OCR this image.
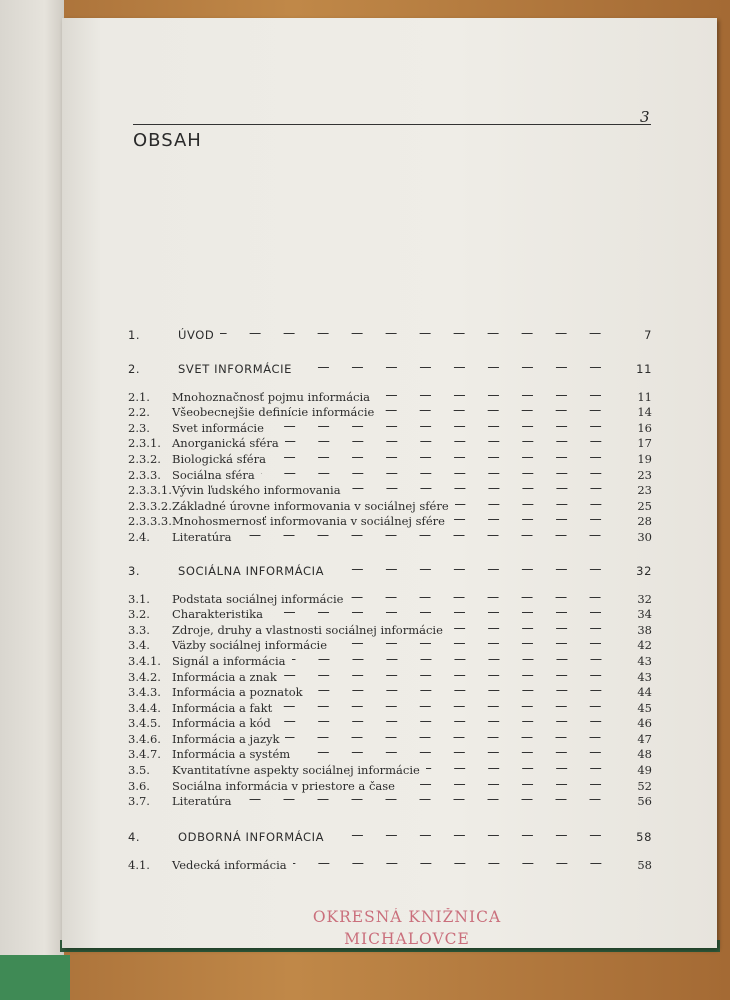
3
OBSAH
1.	ÚVOD	7
2.	SVET INFORMÁCIE	11
2.1.	Mnohoznačnosť pojmu informácia	11
2.2.	Všeobecnejšie definície informácie	14
2.3.	Svet informácie	16
2.3.1. Anorganická sféra	17
2.3.2. Biologická sféra	19
2.3.3. Sociálna sféra	23
2.3.3.1. Vývin ľudského informovania	23
2.3.3.2. Základné úrovne informovania v sociálnej sfére	25
2.3.3.3. Mnohosmernosť informovania v sociálnej sfére	28
2.4.	Literatúra	30
3.	SOCIÁLNA INFORMÁCIA	32
3.1.	Podstata sociálnej informácie	32
3.2.	Charakteristika	34
3.3.	Zdroje, druhy a vlastnosti sociálnej informácie	38
3.4.	Väzby sociálnej informácie	42
3.4.1. Signál a informácia	43
3.4.2. Informácia a znak	43
3.4.3. Informácia a poznatok	44
3.4.4. Informácia a fakt	45
3.4.5. Informácia a kód	46
3.4.6. Informácia a jazyk	47
3.4.7. Informácia a systém	48
3.5.	Kvantitatívne aspekty sociálnej informácie	49
3.6.	Sociálna informácia v priestore a čase	52
3.7.	Literatúra	56
4.	ODBORNÁ INFORMÁCIA	58
4.1.	Vedecká informácia	58
OKRESNÁ KNIŽNICA
MICHALOVCE
